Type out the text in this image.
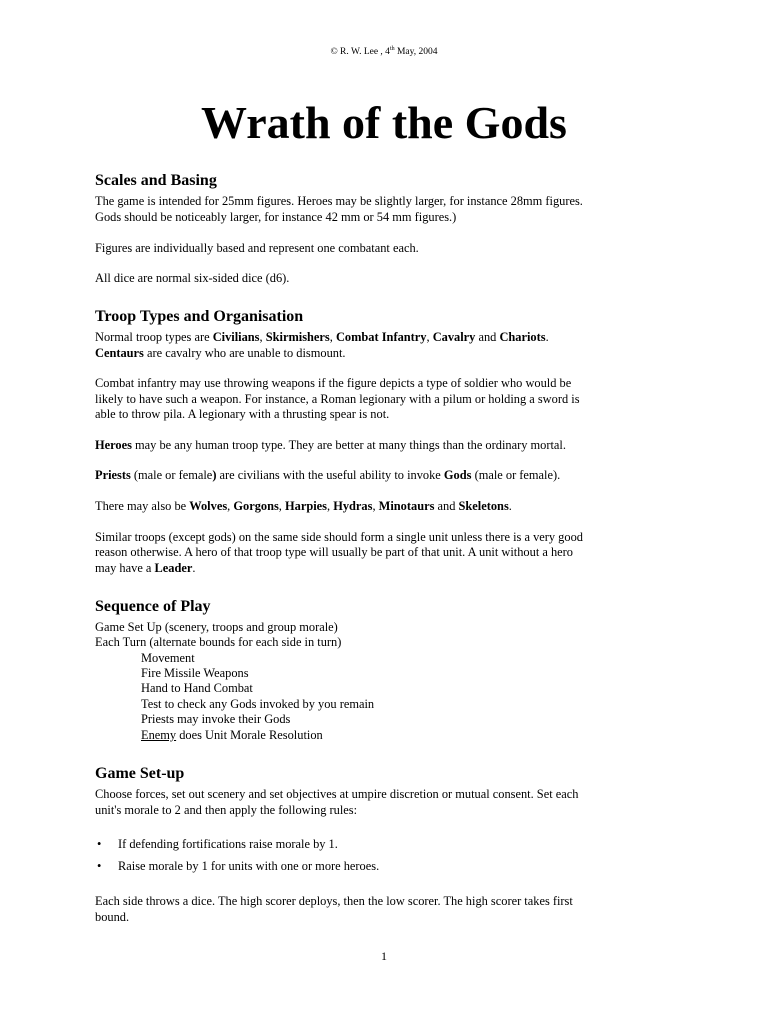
© R. W. Lee , 4th May, 2004
Wrath of the Gods
Scales and Basing
The game is intended for 25mm figures. Heroes may be slightly larger, for instance 28mm figures.
Gods should be noticeably larger, for instance 42 mm or 54 mm figures.)
Figures are individually based and represent one combatant each.
All dice are normal six-sided dice (d6).
Troop Types and Organisation
Normal troop types are Civilians, Skirmishers, Combat Infantry, Cavalry and Chariots.
Centaurs are cavalry who are unable to dismount.
Combat infantry may use throwing weapons if the figure depicts a type of soldier who would be
likely to have such a weapon. For instance, a Roman legionary with a pilum or holding a sword is
able to throw pila. A legionary with a thrusting spear is not.
Heroes may be any human troop type. They are better at many things than the ordinary mortal.
Priests (male or female) are civilians with the useful ability to invoke Gods (male or female).
There may also be Wolves, Gorgons, Harpies, Hydras, Minotaurs and Skeletons.
Similar troops (except gods) on the same side should form a single unit unless there is a very good
reason otherwise. A hero of that troop type will usually be part of that unit. A unit without a hero
may have a Leader.
Sequence of Play
Game Set Up (scenery, troops and group morale)
Each Turn (alternate bounds for each side in turn)
Movement
Fire Missile Weapons
Hand to Hand Combat
Test to check any Gods invoked by you remain
Priests may invoke their Gods
Enemy does Unit Morale Resolution
Game Set-up
Choose forces, set out scenery and set objectives at umpire discretion or mutual consent. Set each
unit's morale to 2 and then apply the following rules:
• If defending fortifications raise morale by 1.
• Raise morale by 1 for units with one or more heroes.
Each side throws a dice. The high scorer deploys, then the low scorer. The high scorer takes first
bound.
1
